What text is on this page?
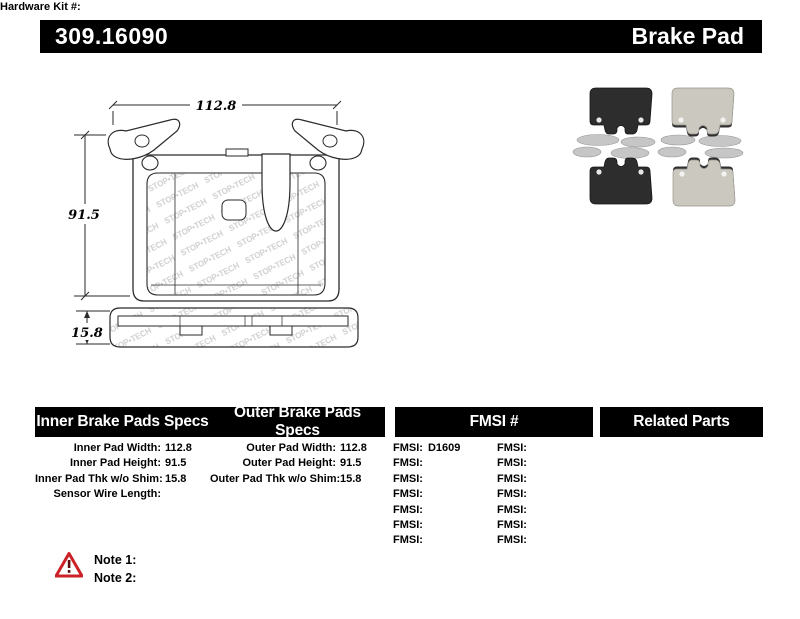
309.16090	Brake Pad
112.8
91.5
15.8
Inner Brake Pads Specs
Outer Brake Pads Specs
FMSI #	Related Parts
Inner Pad Width: 112.8
Inner Pad Height: 91.5
Inner Pad Thk w/o Shim: 15.8
Sensor Wire Length:
Outer Pad Width: 112.8
Outer Pad Height: 91.5
Outer Pad Thk w/o Shim: 15.8
FMSI: D1609
FMSI:
FMSI:
FMSI:
FMSI:
FMSI:
FMSI:
FMSI:
FMSI:
FMSI:
FMSI:
FMSI:
FMSI:
FMSI:
Hardware Kit #:
Note 1:
Note 2:
